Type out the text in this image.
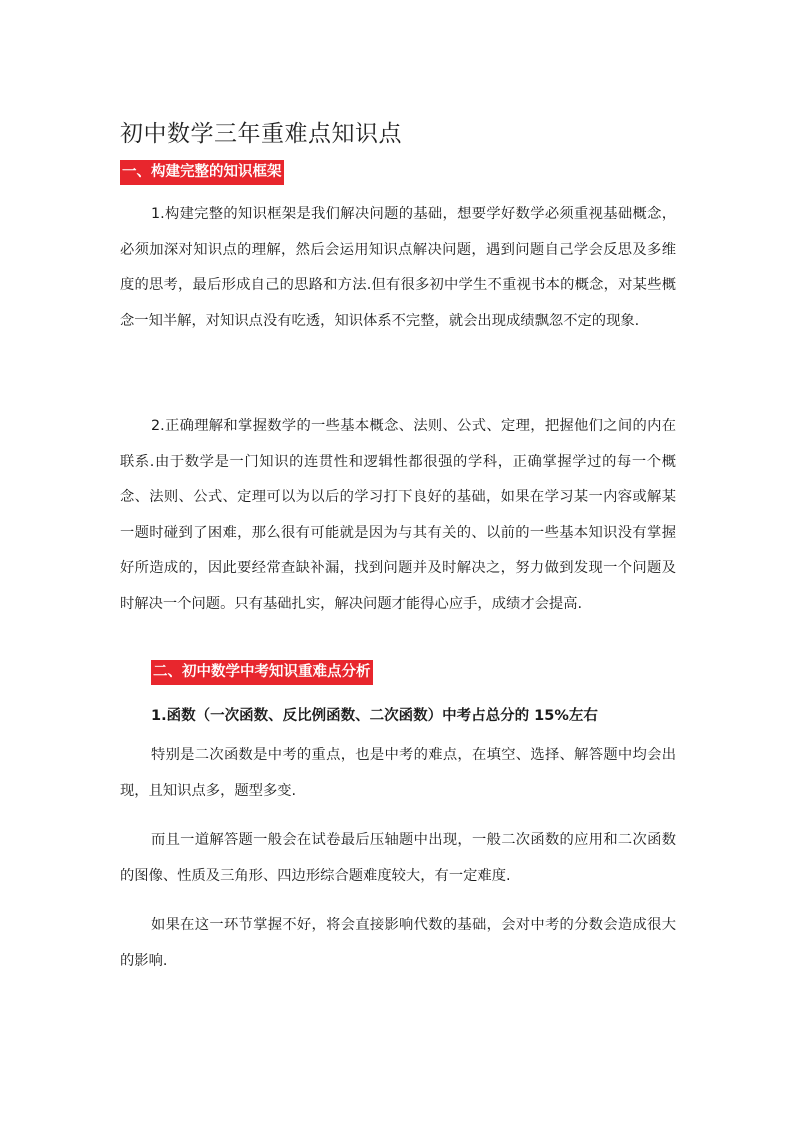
初中数学三年重难点知识点
一、构建完整的知识框架

1.构建完整的知识框架是我们解决问题的基础，想要学好数学必须重视基础概念，必须加深对知识点的理解，然后会运用知识点解决问题，遇到问题自己学会反思及多维度的思考，最后形成自己的思路和方法.但有很多初中学生不重视书本的概念，对某些概念一知半解，对知识点没有吃透，知识体系不完整，就会出现成绩飘忽不定的现象.

2.正确理解和掌握数学的一些基本概念、法则、公式、定理，把握他们之间的内在联系.由于数学是一门知识的连贯性和逻辑性都很强的学科，正确掌握学过的每一个概念、法则、公式、定理可以为以后的学习打下良好的基础，如果在学习某一内容或解某一题时碰到了困难，那么很有可能就是因为与其有关的、以前的一些基本知识没有掌握好所造成的，因此要经常查缺补漏，找到问题并及时解决之，努力做到发现一个问题及时解决一个问题。只有基础扎实，解决问题才能得心应手，成绩才会提高.

二、初中数学中考知识重难点分析

1.函数（一次函数、反比例函数、二次函数）中考占总分的 15%左右

特别是二次函数是中考的重点，也是中考的难点，在填空、选择、解答题中均会出现，且知识点多，题型多变.

而且一道解答题一般会在试卷最后压轴题中出现，一般二次函数的应用和二次函数的图像、性质及三角形、四边形综合题难度较大，有一定难度.

如果在这一环节掌握不好，将会直接影响代数的基础，会对中考的分数会造成很大的影响.
